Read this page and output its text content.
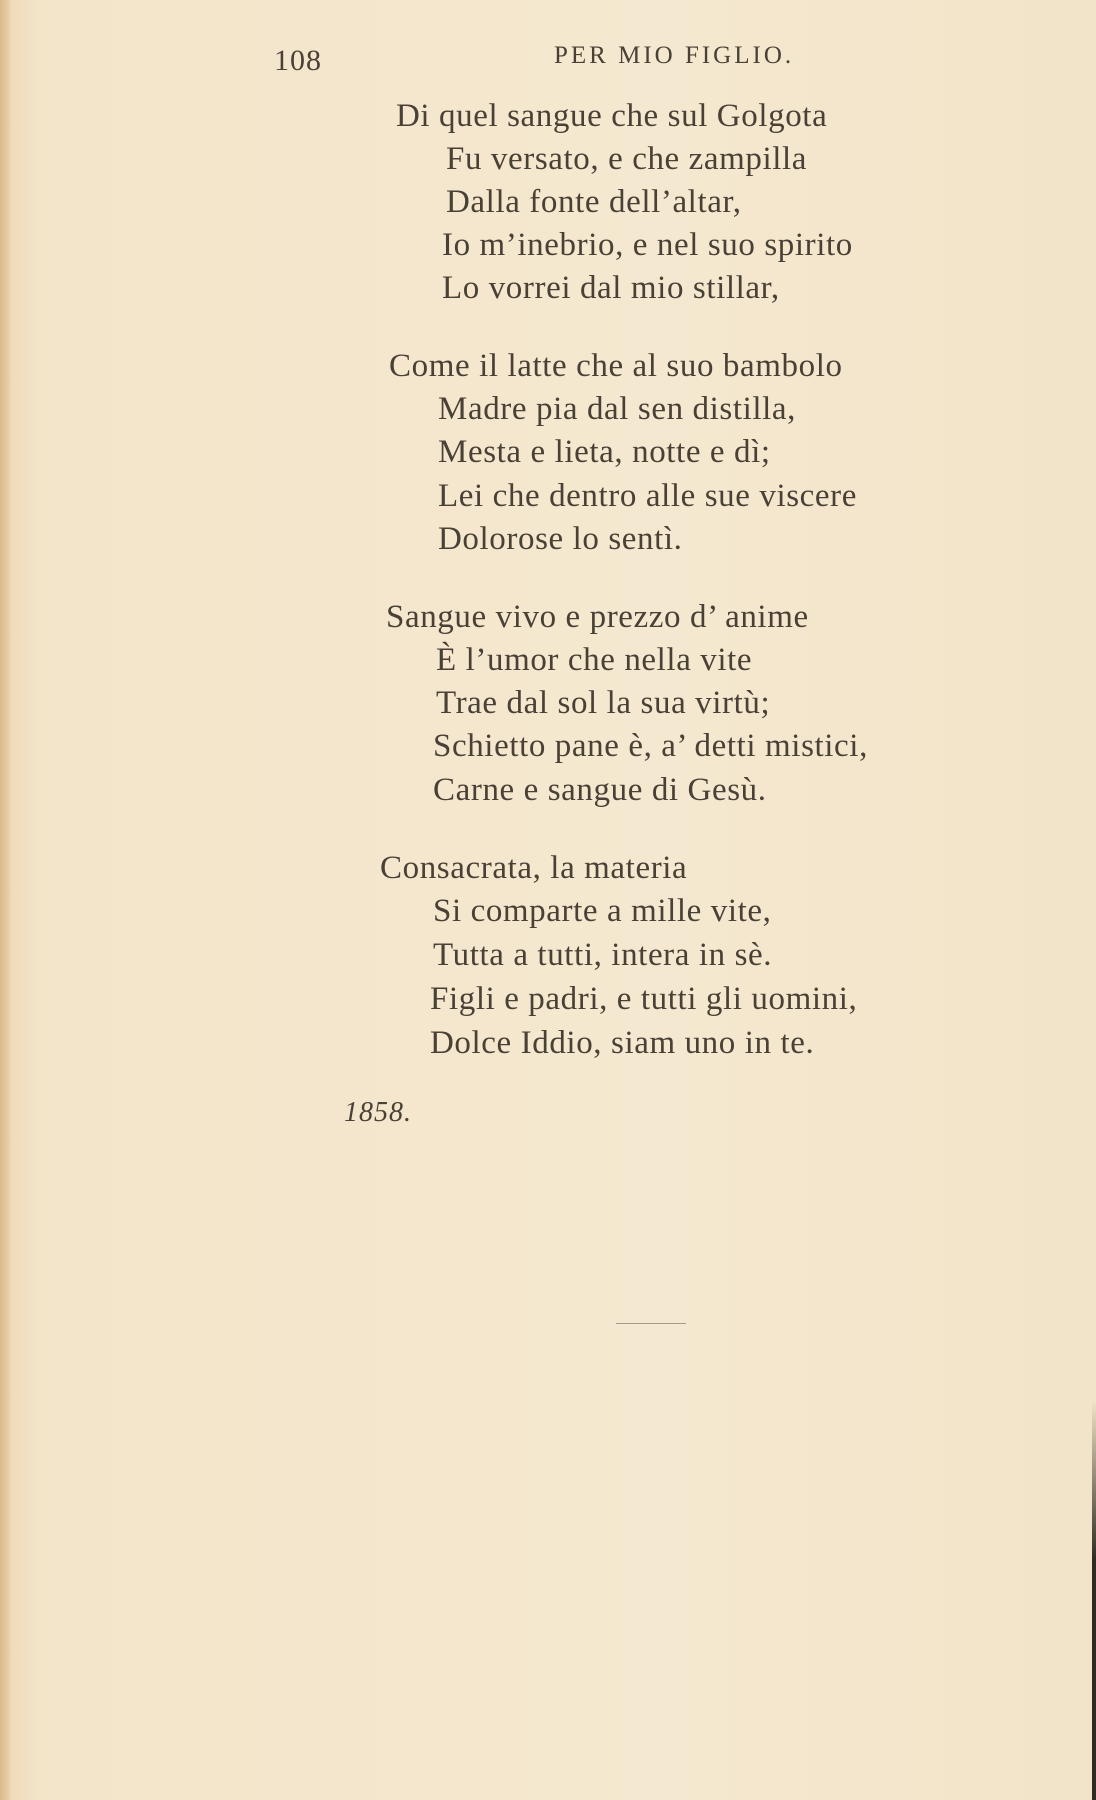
108	PER MIO FIGLIO.
Di quel sangue che sul Golgota
Fu versato, e che zampilla
Dalla fonte dell’altar,
Io m’inebrio, e nel suo spirito
Lo vorrei dal mio stillar,
Come il latte che al suo bambolo
Madre pia dal sen distilla,
Mesta e lieta, notte e dì;
Lei che dentro alle sue viscere
Dolorose lo sentì.
Sangue vivo e prezzo d’ anime
È l’umor che nella vite
Trae dal sol la sua virtù;
Schietto pane è, a’ detti mistici,
Carne e sangue di Gesù.
Consacrata, la materia
Si comparte a mille vite,
Tutta a tutti, intera in sè.
Figli e padri, e tutti gli uomini,
Dolce Iddio, siam uno in te.
1858.
